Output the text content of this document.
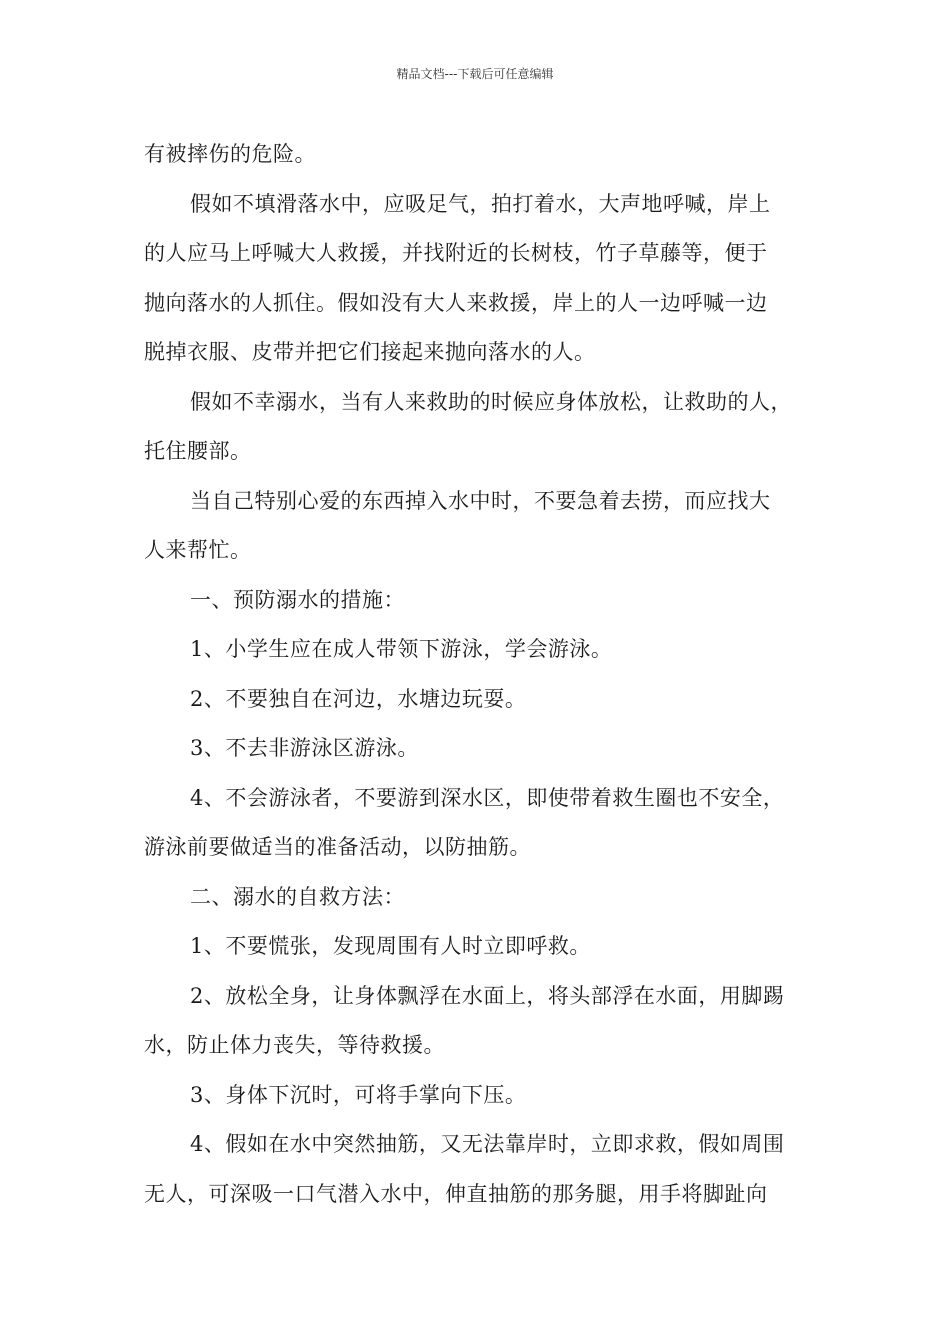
精品文档---下载后可任意编辑
有被摔伤的危险。
假如不填滑落水中，应吸足气，拍打着水，大声地呼喊，岸上
的人应马上呼喊大人救援，并找附近的长树枝，竹子草藤等，便于
抛向落水的人抓住。假如没有大人来救援，岸上的人一边呼喊一边
脱掉衣服、皮带并把它们接起来抛向落水的人。
假如不幸溺水，当有人来救助的时候应身体放松，让救助的人，
托住腰部。
当自己特别心爱的东西掉入水中时，不要急着去捞，而应找大
人来帮忙。
一、预防溺水的措施：
1、小学生应在成人带领下游泳，学会游泳。
2、不要独自在河边，水塘边玩耍。
3、不去非游泳区游泳。
4、不会游泳者，不要游到深水区，即使带着救生圈也不安全，
游泳前要做适当的准备活动，以防抽筋。
二、溺水的自救方法：
1、不要慌张，发现周围有人时立即呼救。
2、放松全身，让身体飘浮在水面上，将头部浮在水面，用脚踢
水，防止体力丧失，等待救援。
3、身体下沉时，可将手掌向下压。
4、假如在水中突然抽筋，又无法靠岸时，立即求救，假如周围
无人，可深吸一口气潜入水中，伸直抽筋的那务腿，用手将脚趾向
